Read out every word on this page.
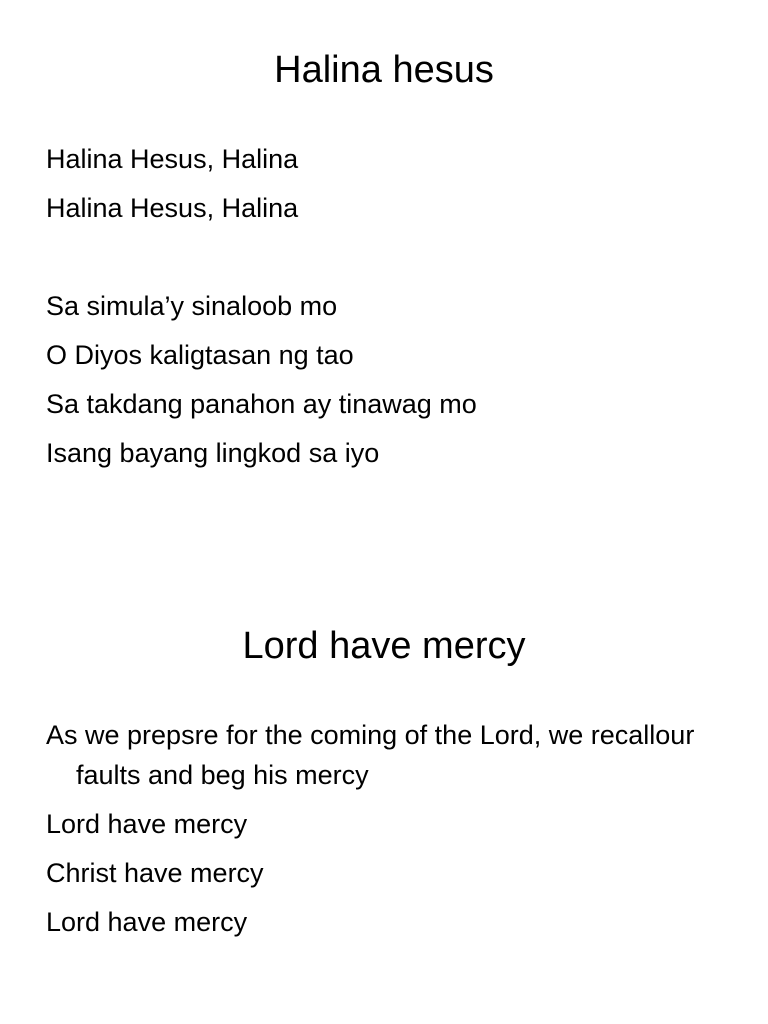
Halina hesus

Halina Hesus, Halina

Halina Hesus, Halina

Sa simula’y sinaloob mo

O Diyos kaligtasan ng tao

Sa takdang panahon ay tinawag mo

Isang bayang lingkod sa iyo

Lord have mercy

As we prepsre for the coming of the Lord, we recallour faults and beg his mercy

Lord have mercy

Christ have mercy

Lord have mercy
